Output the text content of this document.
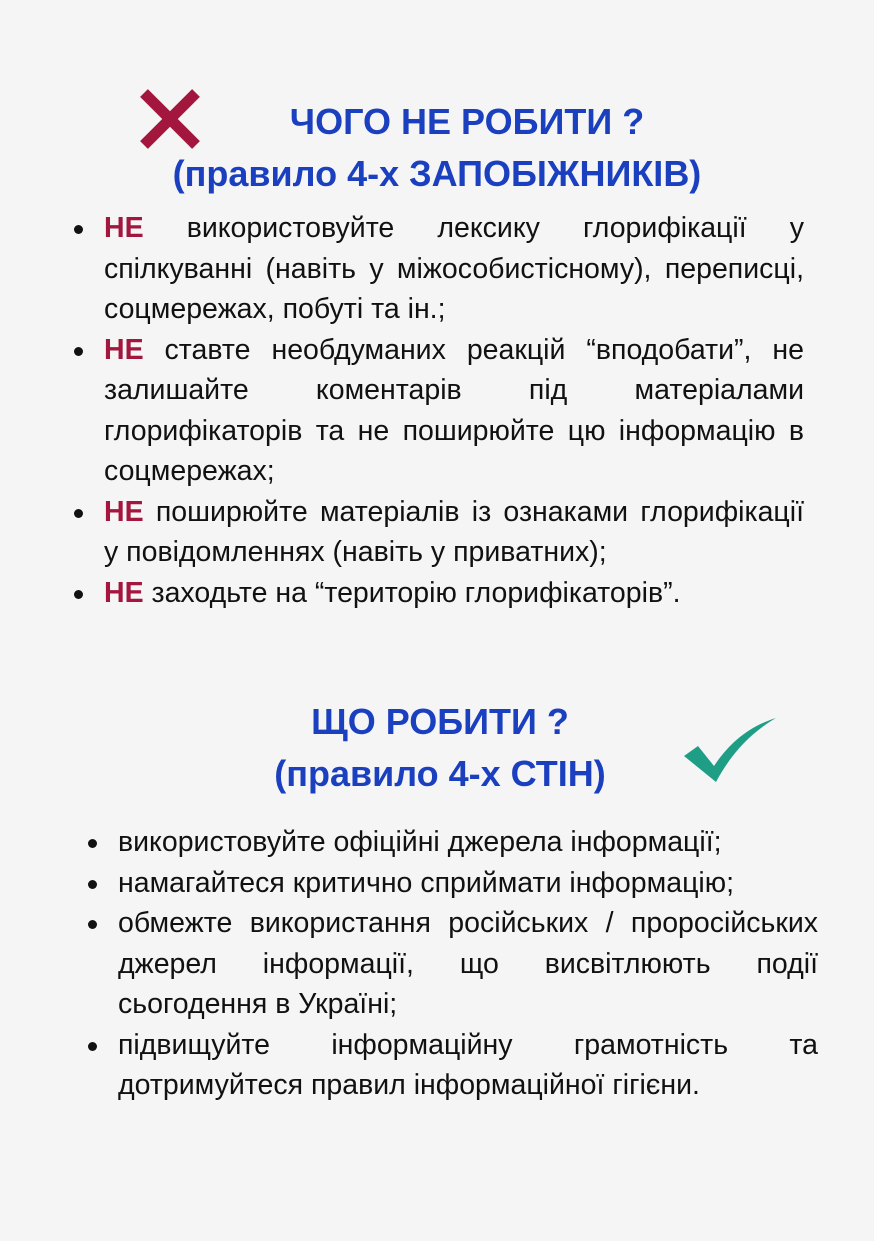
ЧОГО НЕ РОБИТИ ?
(правило 4-х ЗАПОБІЖНИКІВ)
НЕ використовуйте лексику глорифікації у спілкуванні (навіть у міжособистісному), переписці, соцмережах, побуті та ін.;
НЕ ставте необдуманих реакцій “вподобати”, не залишайте коментарів під матеріалами глорифікаторів та не поширюйте цю інформацію в соцмережах;
НЕ поширюйте матеріалів із ознаками глорифікації у повідомленнях (навіть у приватних);
НЕ заходьте на “територію глорифікаторів”.
ЩО РОБИТИ ?
(правило 4-х СТІН)
використовуйте офіційні джерела інформації;
намагайтеся критично сприймати інформацію;
обмежте використання російських / проросійських джерел інформації, що висвітлюють події сьогодення в Україні;
підвищуйте інформаційну грамотність та дотримуйтеся правил інформаційної гігієни.
